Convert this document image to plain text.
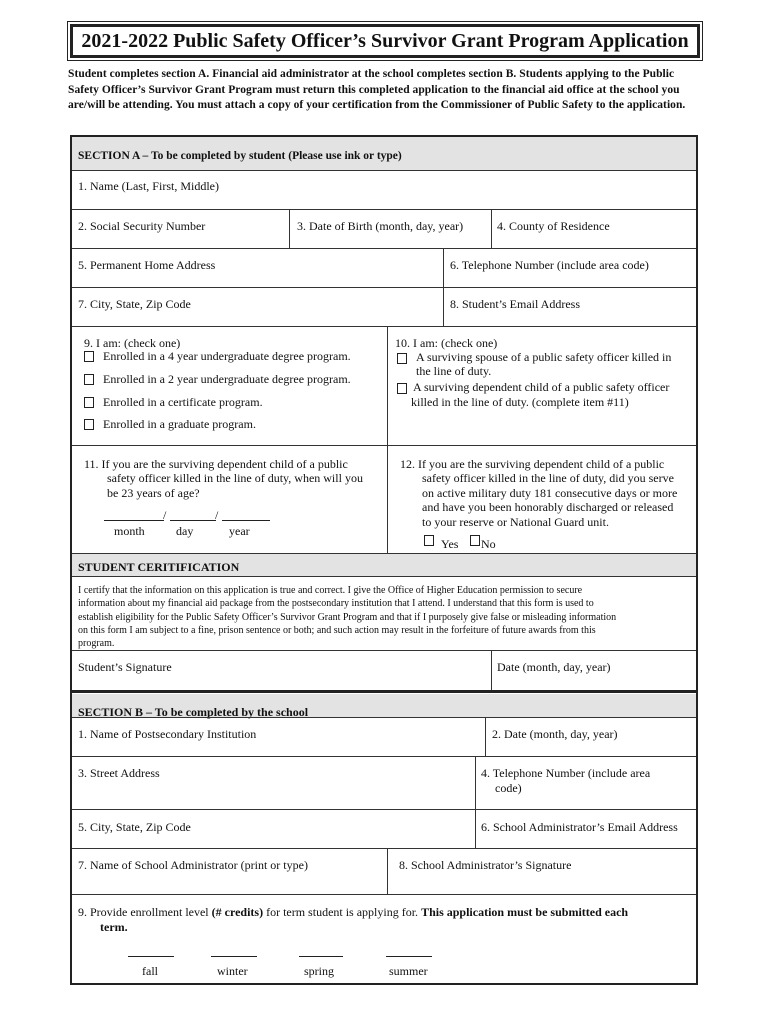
2021-2022 Public Safety Officer’s Survivor Grant Program Application
Student completes section A. Financial aid administrator at the school completes section B. Students applying to the Public Safety Officer’s Survivor Grant Program must return this completed application to the financial aid office at the school you are/will be attending. You must attach a copy of your certification from the Commissioner of Public Safety to the application.
SECTION A – To be completed by student (Please use ink or type)
1. Name (Last, First, Middle)
2. Social Security Number	3. Date of Birth (month, day, year)	4. County of Residence
5. Permanent Home Address	6. Telephone Number (include area code)
7. City, State, Zip Code	8. Student’s Email Address
9. I am: (check one)
Enrolled in a 4 year undergraduate degree program.
Enrolled in a 2 year undergraduate degree program.
Enrolled in a certificate program.
Enrolled in a graduate program.
10. I am: (check one)
A surviving spouse of a public safety officer killed in
the line of duty.
A surviving dependent child of a public safety officer
killed in the line of duty. (complete item #11)
11. If you are the surviving dependent child of a public
safety officer killed in the line of duty, when will you
be 23 years of age?
/	/
month	day	year
12. If you are the surviving dependent child of a public
safety officer killed in the line of duty, did you serve
on active military duty 181 consecutive days or more
and have you been honorably discharged or released
to your reserve or National Guard unit.
Yes No
STUDENT CERITIFICATION
I certify that the information on this application is true and correct. I give the Office of Higher Education permission to secure
information about my financial aid package from the postsecondary institution that I attend. I understand that this form is used to
establish eligibility for the Public Safety Officer’s Survivor Grant Program and that if I purposely give false or misleading information
on this form I am subject to a fine, prison sentence or both; and such action may result in the forfeiture of future awards from this
program.
Student’s Signature	Date (month, day, year)
SECTION B – To be completed by the school
1. Name of Postsecondary Institution	2. Date (month, day, year)
3. Street Address	4. Telephone Number (include area
code)
5. City, State, Zip Code	6. School Administrator’s Email Address
7. Name of School Administrator (print or type)	8. School Administrator’s Signature
9. Provide enrollment level (# credits) for term student is applying for. This application must be submitted each
term.
fall	winter	spring	summer
